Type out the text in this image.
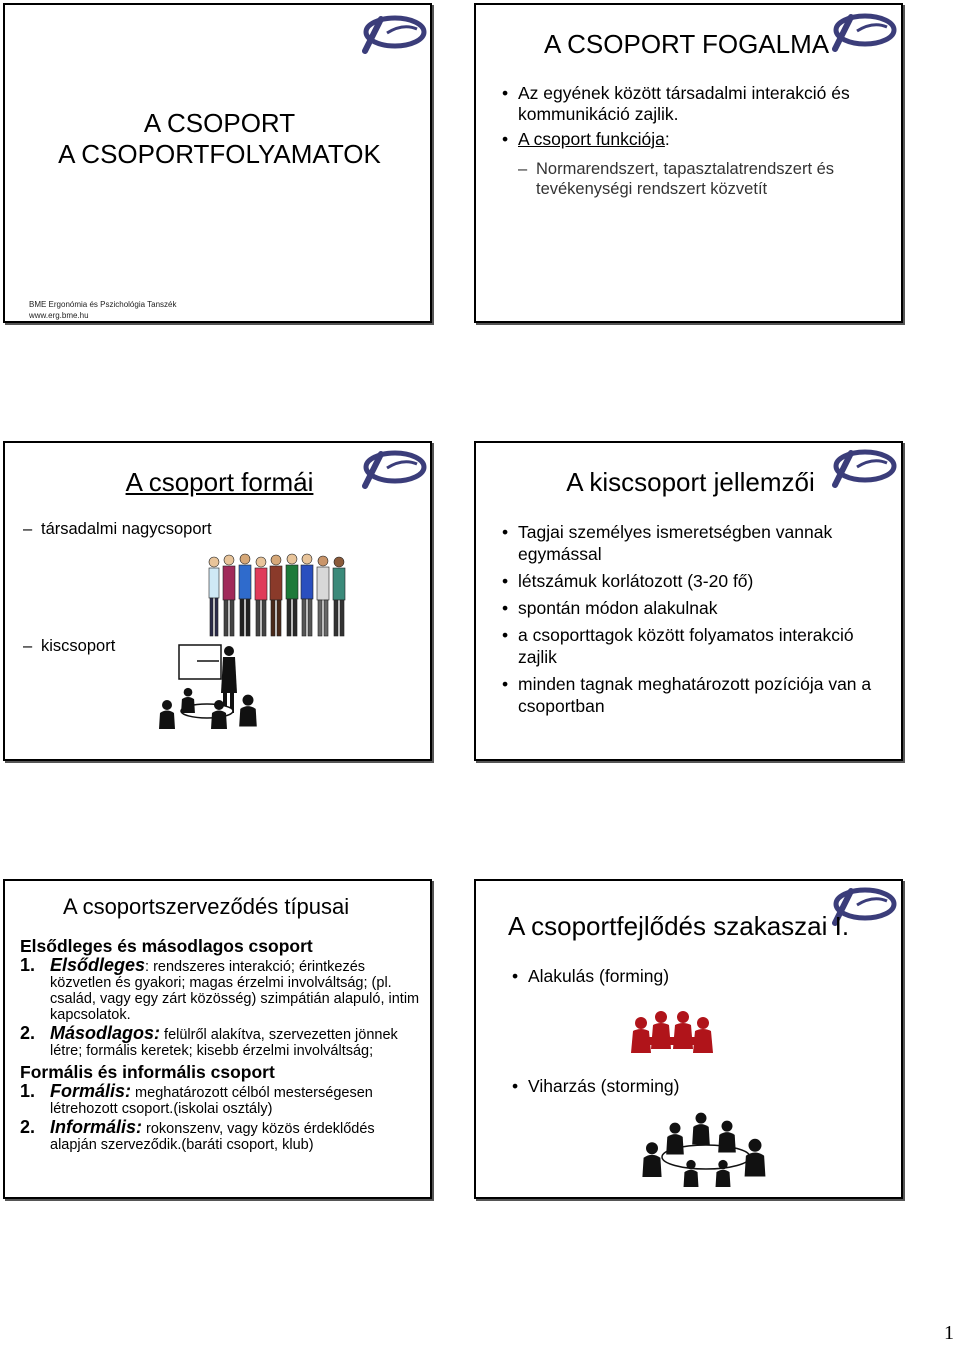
A CSOPORT
A CSOPORTFOLYAMATOK
BME Ergonómia és Pszichológia Tanszék
www.erg.bme.hu
A CSOPORT FOGALMA
• Az egyének között társadalmi interakció és kommunikáció zajlik.
• A csoport funkciója:
– Normarendszert, tapasztalatrendszert és tevékenységi rendszert közvetít
A csoport formái
– társadalmi nagycsoport
– kiscsoport
A kiscsoport jellemzői
• Tagjai személyes ismeretségben vannak egymással
• létszámuk korlátozott (3-20 fő)
• spontán módon alakulnak
• a csoporttagok között folyamatos interakció zajlik
• minden tagnak meghatározott pozíciója van a csoportban
A csoportszerveződés típusai
Elsődleges és másodlagos csoport
1. Elsődleges: rendszeres interakció; érintkezés közvetlen és gyakori; magas érzelmi involváltság; (pl. család, vagy egy zárt közösség) szimpátián alapuló, intim kapcsolatok.
2. Másodlagos: felülről alakítva, szervezetten jönnek létre; formális keretek; kisebb érzelmi involváltság;
Formális és informális csoport
1. Formális: meghatározott célból mesterségesen létrehozott csoport.(iskolai osztály)
2. Informális: rokonszenv, vagy közös érdeklődés alapján szerveződik.(baráti csoport, klub)
A csoportfejlődés szakaszai I.
• Alakulás (forming)
• Viharzás (storming)
1
